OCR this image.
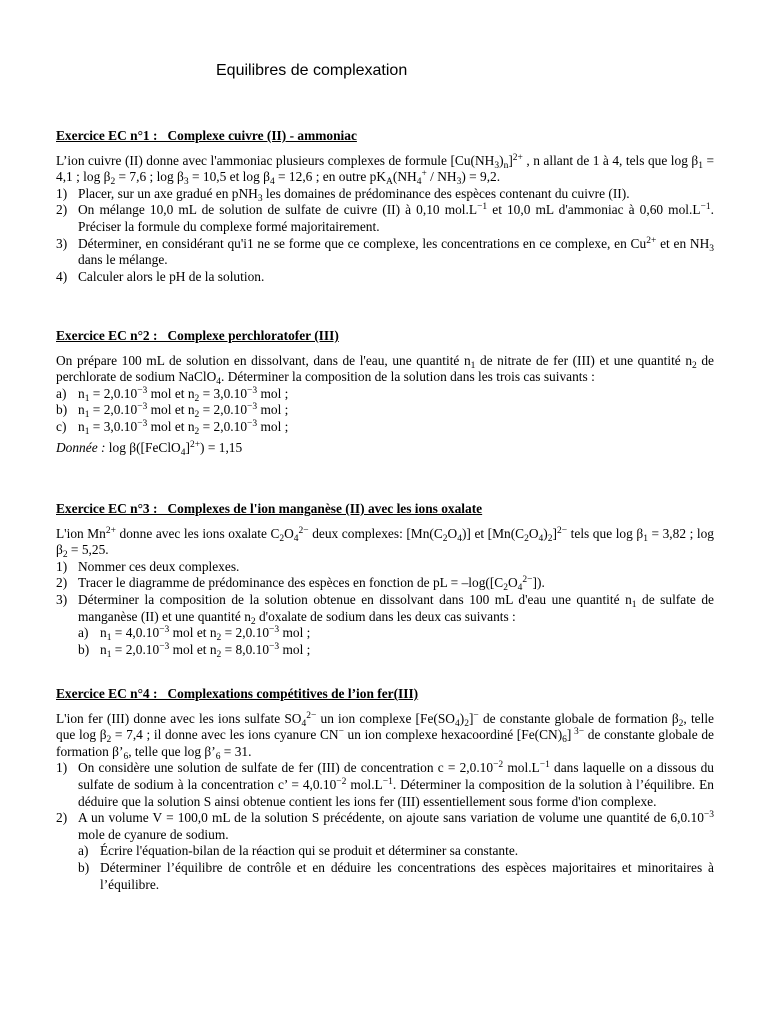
Equilibres de complexation
Exercice EC n°1 :   Complexe cuivre (II) - ammoniac

L’ion cuivre (II) donne avec l'ammoniac plusieurs complexes de formule $[Cu(NH_3)_n]^{2+}$ , n allant de 1 à 4, tels que $\log \beta_1 = 4,1$ ; $\log \beta_2 = 7,6$ ; $\log \beta_3 = 10,5$ et $\log \beta_4 = 12,6$ ; en outre $pK_A(NH_4^+ / NH_3) = 9,2$.

1) Placer, sur un axe gradué en pNH$_3$ les domaines de prédominance des espèces contenant du cuivre (II).
2) On mélange 10,0 mL de solution de sulfate de cuivre (II) à 0,10 $mol.L^{-1}$ et 10,0 mL d'ammoniac à 0,60 $mol.L^{-1}$. Préciser la formule du complexe formé majoritairement.
3) Déterminer, en considérant qu'i1 ne se forme que ce complexe, les concentrations en ce complexe, en $Cu^{2+}$ et en $NH_3$ dans le mélange.
4) Calculer alors le pH de la solution.
Exercice EC n°2 :   Complexe perchloratofer (III)

On prépare 100 mL de solution en dissolvant, dans de l'eau, une quantité $n_1$ de nitrate de fer (III) et une quantité $n_2$ de perchlorate de sodium NaClO$_4$. Déterminer la composition de la solution dans les trois cas suivants :

a) $n_1 = 2,0.10^{-3}$ mol et $n_2 = 3,0.10^{-3}$ mol ;
b) $n_1 = 2,0.10^{-3}$ mol et $n_2 = 2,0.10^{-3}$ mol ;
c) $n_1 = 3,0.10^{-3}$ mol et $n_2 = 2,0.10^{-3}$ mol ;

Donnée : log β([FeClO$_4$]$^{2+}$) = 1,15

Exercice EC n°3 :   Complexes de l'ion manganèse (II) avec les ions oxalate

L'ion $Mn^{2+}$ donne avec les ions oxalate $C_2O_4^{2-}$ deux complexes: $[Mn(C_2O_4)]$ et $[Mn(C_2O_4)_2]^{2-}$ tels que $\log \beta_1 = 3,82$ ; $\log \beta_2 = 5,25$.

1) Nommer ces deux complexes.
2) Tracer le diagramme de prédominance des espèces en fonction de pL = $-\log([C_2O_4^{2-}])$.
3) Déterminer la composition de la solution obtenue en dissolvant dans 100 mL d'eau une quantité $n_1$ de sulfate de manganèse (II) et une quantité $n_2$ d'oxalate de sodium dans les deux cas suivants :
a) $n_1 = 4,0.10^{-3}$ mol et $n_2 = 2,0.10^{-3}$ mol ;
b) $n_1 = 2,0.10^{-3}$ mol et $n_2 = 8,0.10^{-3}$ mol ;
Exercice EC n°4 :   Complexations compétitives de l’ion fer(III)

L'ion fer (III) donne avec les ions sulfate $SO_4^{2-}$ un ion complexe $[Fe(SO_4)_2]^-$ de constante globale de formation $\beta_2$, telle que $\log \beta_2 = 7,4$ ; il donne avec les ions cyanure CN− un ion complexe hexacoordiné $[Fe(CN)_6]$ $^{3-}$ de constante globale de formation $\beta’_6$, telle que $\log \beta’_6 = 31$.

1) On considère une solution de sulfate de fer (III) de concentration $c = 2,0.10^{-2}$ $mol.L^{-1}$ dans laquelle on a dissous du sulfate de sodium à la concentration c’ = $4,0.10^{-2}$ $mol.L^{-1}$. Déterminer la composition de la solution à l’équilibre. En déduire que la solution S ainsi obtenue contient les ions fer (III) essentiellement sous forme d'ion complexe.
2) A un volume V = 100,0 mL de la solution S précédente, on ajoute sans variation de volume une quantité de $6,0.10^{-3}$ mole de cyanure de sodium.
a) Écrire l'équation-bilan de la réaction qui se produit et déterminer sa constante.
b) Déterminer l’équilibre de contrôle et en déduire les concentrations des espèces majoritaires et minoritaires à l’équilibre.
